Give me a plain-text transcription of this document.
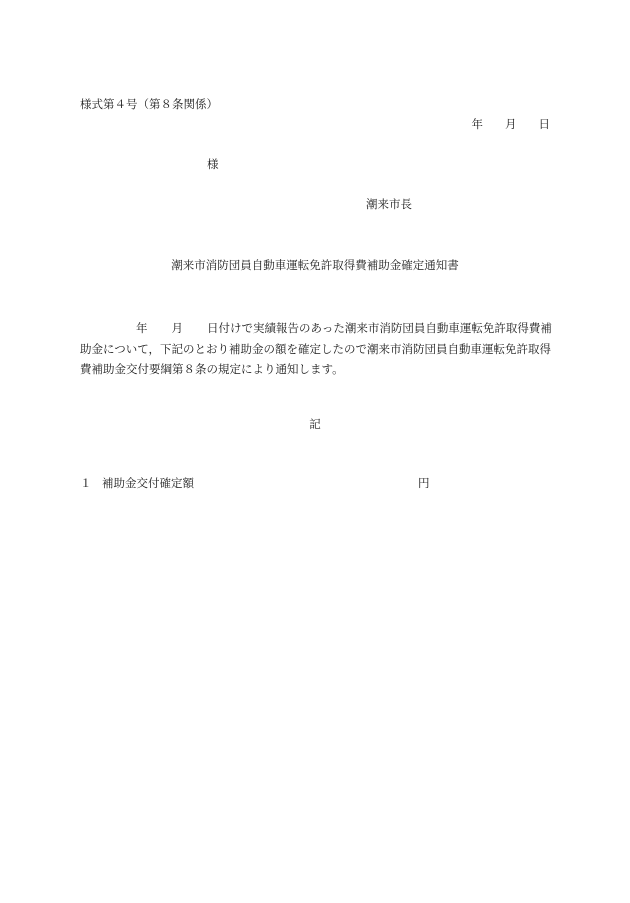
様式第４号（第８条関係）
年 月 日
様
潮来市長
潮来市消防団員自動車運転免許取得費補助金確定通知書
年 月 日付けで実績報告のあった潮来市消防団員自動車運転免許取得費補助金について，下記のとおり補助金の額を確定したので潮来市消防団員自動車運転免許取得費補助金交付要綱第８条の規定により通知します。
記
１ 補助金交付確定額	円
